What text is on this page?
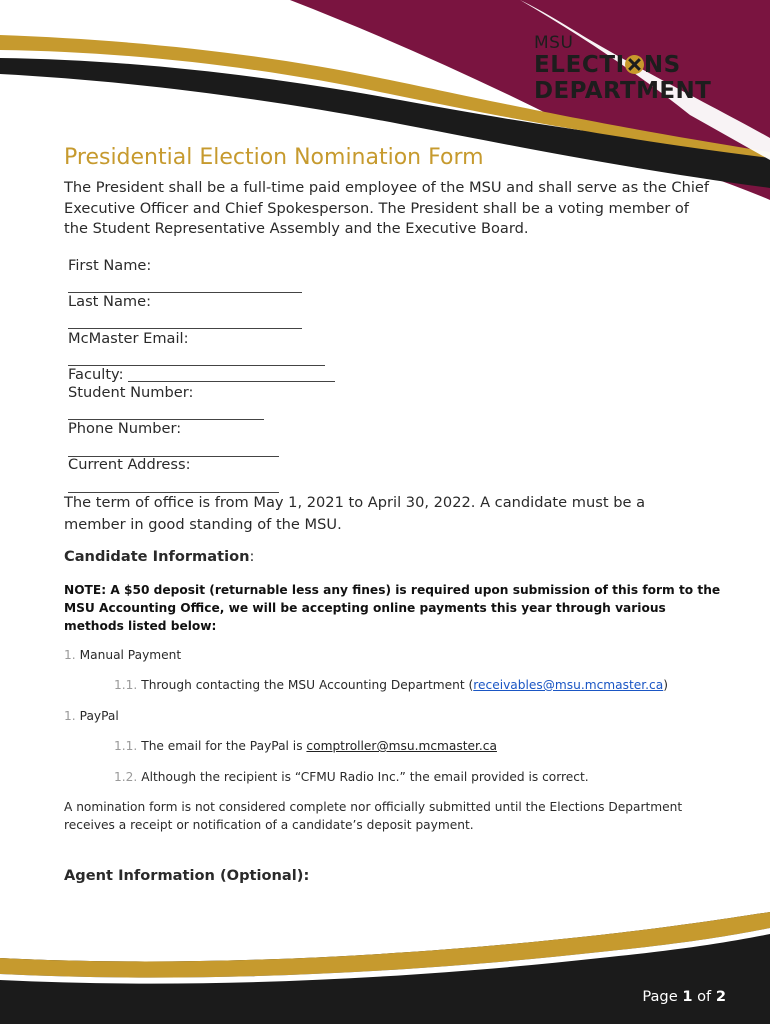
MSU
ELECTI NS
DEPARTMENT
Presidential Election Nomination Form
The President shall be a full-time paid employee of the MSU and shall serve as the Chief Executive Officer and Chief Spokesperson. The President shall be a voting member of the Student Representative Assembly and the Executive Board.
First Name:
Last Name:
McMaster Email:
Faculty:
Student Number:
Phone Number:
Current Address:
The term of office is from May 1, 2021 to April 30, 2022. A candidate must be a member in good standing of the MSU.
Candidate Information:
NOTE: A $50 deposit (returnable less any fines) is required upon submission of this form to the MSU Accounting Office, we will be accepting online payments this year through various methods listed below:
1. Manual Payment
1.1. Through contacting the MSU Accounting Department (receivables@msu.mcmaster.ca)
1. PayPal
1.1. The email for the PayPal is comptroller@msu.mcmaster.ca
1.2. Although the recipient is “CFMU Radio Inc.” the email provided is correct.
A nomination form is not considered complete nor officially submitted until the Elections Department receives a receipt or notification of a candidate’s deposit payment.
Agent Information (Optional):
Page 1 of 2
